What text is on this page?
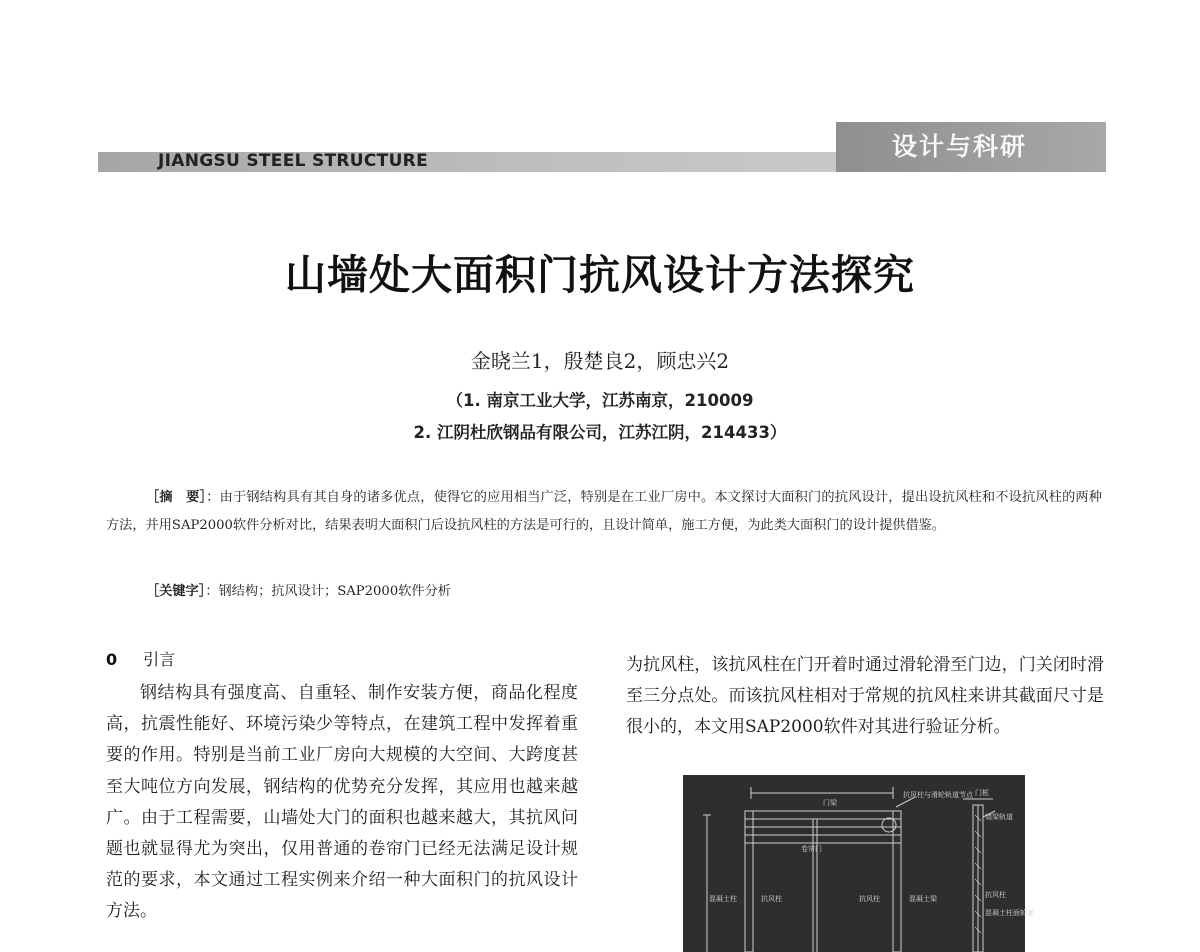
JIANGSU STEEL STRUCTURE	设计与科研
山墙处大面积门抗风设计方法探究
金晓兰1，殷楚良2，顾忠兴2
（1. 南京工业大学，江苏南京，210009
2. 江阴杜欣钢品有限公司，江苏江阴，214433）
［摘　要］：由于钢结构具有其自身的诸多优点，使得它的应用相当广泛，特别是在工业厂房中。本文探讨大面积门的抗风设计，提出设抗风柱和不设抗风柱的两种方法，并用SAP2000软件分析对比，结果表明大面积门后设抗风柱的方法是可行的，且设计简单，施工方便，为此类大面积门的设计提供借鉴。
［关键字］：钢结构；抗风设计；SAP2000软件分析
0 引言
钢结构具有强度高、自重轻、制作安装方便，商品化程度高，抗震性能好、环境污染少等特点，在建筑工程中发挥着重要的作用。特别是当前工业厂房向大规模的大空间、大跨度甚至大吨位方向发展，钢结构的优势充分发挥，其应用也越来越广。由于工程需要，山墙处大门的面积也越来越大，其抗风问题也就显得尤为突出，仅用普通的卷帘门已经无法满足设计规范的要求，本文通过工程实例来介绍一种大面积门的抗风设计方法。
为抗风柱，该抗风柱在门开着时通过滑轮滑至门边，门关闭时滑至三分点处。而该抗风柱相对于常规的抗风柱来讲其截面尺寸是很小的，本文用SAP2000软件对其进行验证分析。
门梁
抗风柱与滑轮轨道节点
卷帘门
混凝土柱	抗风柱	抗风柱	混凝土梁
门框
墙梁轨道
抗风柱
混凝土柱面轮廓
